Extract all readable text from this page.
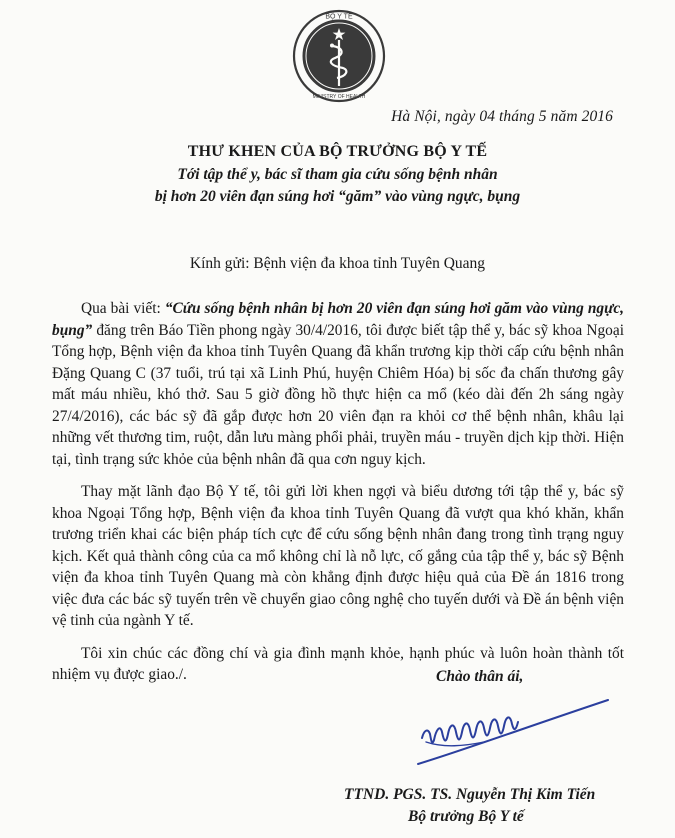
BỘ Y TẾ
MINISTRY OF HEALTH
Hà Nội, ngày 04 tháng 5 năm 2016
THƯ KHEN CỦA BỘ TRƯỞNG BỘ Y TẾ
Tới tập thể y, bác sĩ tham gia cứu sống bệnh nhân
bị hơn 20 viên đạn súng hơi “găm” vào vùng ngực, bụng
Kính gửi: Bệnh viện đa khoa tỉnh Tuyên Quang

Qua bài viết: “Cứu sống bệnh nhân bị hơn 20 viên đạn súng hơi găm vào vùng ngực, bụng” đăng trên Báo Tiền phong ngày 30/4/2016, tôi được biết tập thể y, bác sỹ khoa Ngoại Tổng hợp, Bệnh viện đa khoa tỉnh Tuyên Quang đã khẩn trương kịp thời cấp cứu bệnh nhân Đặng Quang C (37 tuổi, trú tại xã Linh Phú, huyện Chiêm Hóa) bị sốc đa chấn thương gây mất máu nhiều, khó thở. Sau 5 giờ đồng hồ thực hiện ca mổ (kéo dài đến 2h sáng ngày 27/4/2016), các bác sỹ đã gắp được hơn 20 viên đạn ra khỏi cơ thể bệnh nhân, khâu lại những vết thương tim, ruột, dẫn lưu màng phổi phải, truyền máu - truyền dịch kịp thời. Hiện tại, tình trạng sức khỏe của bệnh nhân đã qua cơn nguy kịch.

Thay mặt lãnh đạo Bộ Y tế, tôi gửi lời khen ngợi và biểu dương tới tập thể y, bác sỹ khoa Ngoại Tổng hợp, Bệnh viện đa khoa tỉnh Tuyên Quang đã vượt qua khó khăn, khẩn trương triển khai các biện pháp tích cực để cứu sống bệnh nhân đang trong tình trạng nguy kịch. Kết quả thành công của ca mổ không chỉ là nỗ lực, cố gắng của tập thể y, bác sỹ Bệnh viện đa khoa tỉnh Tuyên Quang mà còn khẳng định được hiệu quả của Đề án 1816 trong việc đưa các bác sỹ tuyến trên về chuyển giao công nghệ cho tuyến dưới và Đề án bệnh viện vệ tinh của ngành Y tế.

Tôi xin chúc các đồng chí và gia đình mạnh khỏe, hạnh phúc và luôn hoàn thành tốt nhiệm vụ được giao./.	Chào thân ái,
TTND. PGS. TS. Nguyễn Thị Kim Tiến
Bộ trưởng Bộ Y tế
